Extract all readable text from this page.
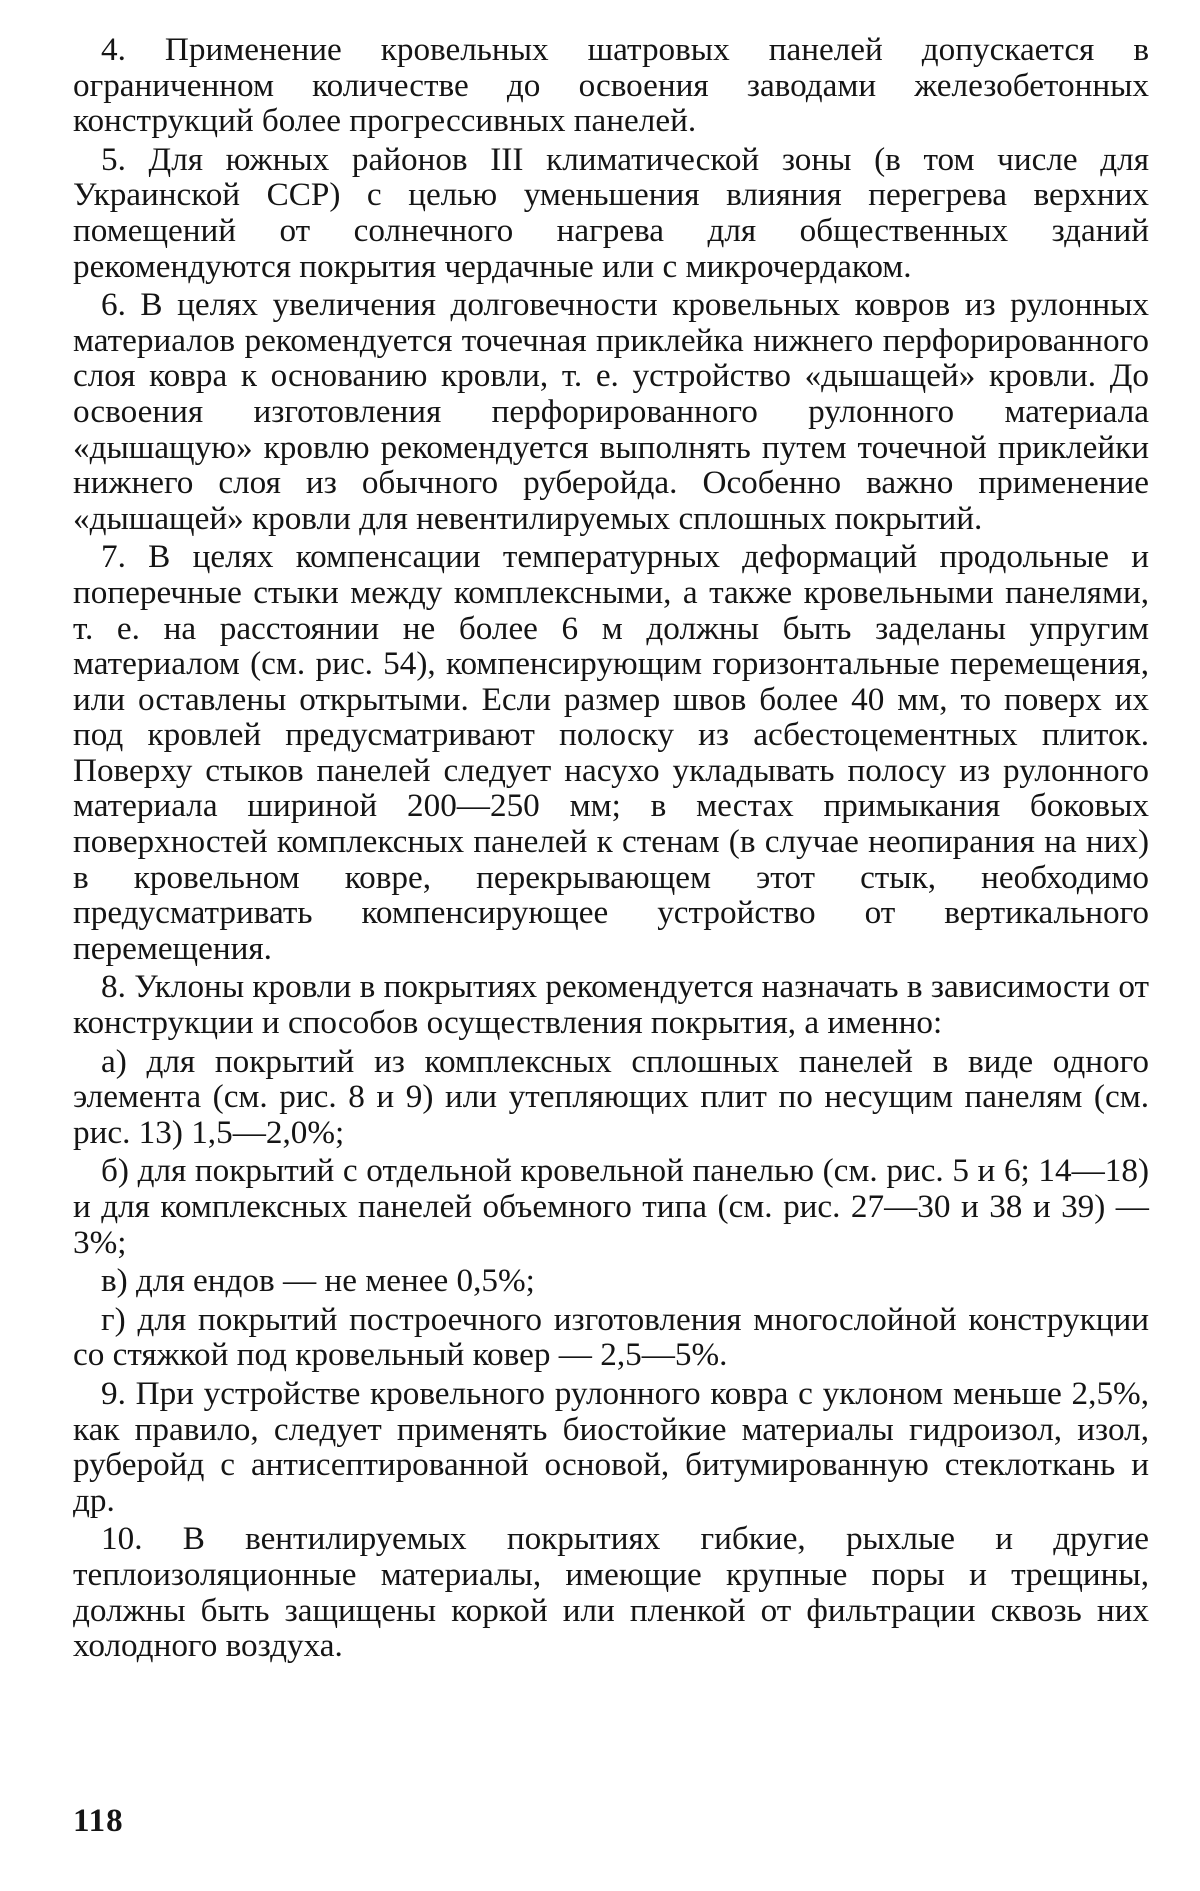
4. Применение кровельных шатровых панелей допускается в ограниченном количестве до освоения заводами железобетонных конструкций более прогрессивных панелей.

5. Для южных районов III климатической зоны (в том числе для Украинской ССР) с целью уменьшения влияния перегрева верхних помещений от солнечного нагрева для общественных зданий рекомендуются покрытия чердачные или с микрочердаком.

6. В целях увеличения долговечности кровельных ковров из рулонных материалов рекомендуется точечная приклейка нижнего перфорированного слоя ковра к основанию кровли, т. е. устройство «дышащей» кровли. До освоения изготовления перфорированного рулонного материала «дышащую» кровлю рекомендуется выполнять путем точечной приклейки нижнего слоя из обычного руберойда. Особенно важно применение «дышащей» кровли для невентилируемых сплошных покрытий.

7. В целях компенсации температурных деформаций продольные и поперечные стыки между комплексными, а также кровельными панелями, т. е. на расстоянии не более 6 м должны быть заделаны упругим материалом (см. рис. 54), компенсирующим горизонтальные перемещения, или оставлены открытыми. Если размер швов более 40 мм, то поверх их под кровлей предусматривают полоску из асбестоцементных плиток. Поверху стыков панелей следует насухо укладывать полосу из рулонного материала шириной 200—250 мм; в местах примыкания боковых поверхностей комплексных панелей к стенам (в случае неопирания на них) в кровельном ковре, перекрывающем этот стык, необходимо предусматривать компенсирующее устройство от вертикального перемещения.

8. Уклоны кровли в покрытиях рекомендуется назначать в зависимости от конструкции и способов осуществления покрытия, а именно:

а) для покрытий из комплексных сплошных панелей в виде одного элемента (см. рис. 8 и 9) или утепляющих плит по несущим панелям (см. рис. 13) 1,5—2,0%;

б) для покрытий с отдельной кровельной панелью (см. рис. 5 и 6; 14—18) и для комплексных панелей объемного типа (см. рис. 27—30 и 38 и 39) — 3%;

в) для ендов — не менее 0,5%;

г) для покрытий построечного изготовления многослойной конструкции со стяжкой под кровельный ковер — 2,5—5%.

9. При устройстве кровельного рулонного ковра с уклоном меньше 2,5%, как правило, следует применять биостойкие материалы гидроизол, изол, руберойд с антисептированной основой, битумированную стеклоткань и др.

10. В вентилируемых покрытиях гибкие, рыхлые и другие теплоизоляционные материалы, имеющие крупные поры и трещины, должны быть защищены коркой или пленкой от фильтрации сквозь них холодного воздуха.

118
